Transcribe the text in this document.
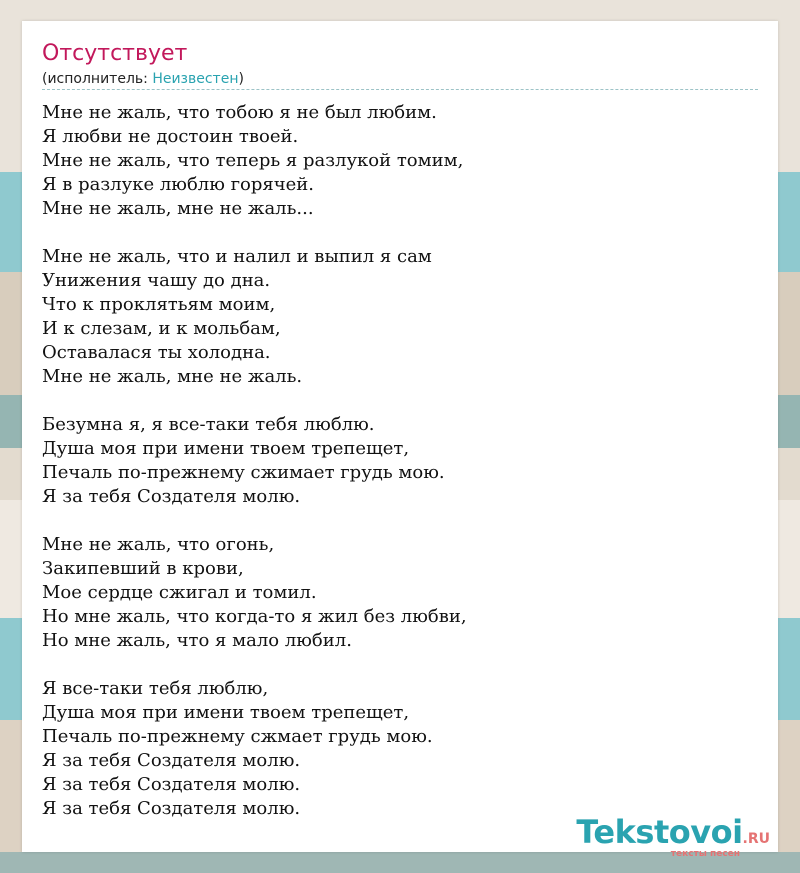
Отсутствует
(исполнитель: Неизвестен)
Мне не жаль, что тобою я не был любим.
Я любви не достоин твоей.
Мне не жаль, что теперь я разлукой томим,
Я в разлуке люблю горячей.
Мне не жаль, мне не жаль...
Мне не жаль, что и налил и выпил я сам
Унижения чашу до дна.
Что к проклятьям моим,
И к слезам, и к мольбам,
Оставалася ты холодна.
Мне не жаль, мне не жаль.
Безумна я, я все-таки тебя люблю.
Душа моя при имени твоем трепещет,
Печаль по-прежнему сжимает грудь мою.
Я за тебя Создателя молю.
Мне не жаль, что огонь,
Закипевший в крови,
Мое сердце сжигал и томил.
Но мне жаль, что когда-то я жил без любви,
Но мне жаль, что я мало любил.
Я все-таки тебя люблю,
Душа моя при имени твоем трепещет,
Печаль по-прежнему сжмает грудь мою.
Я за тебя Создателя молю.
Я за тебя Создателя молю.
Я за тебя Создателя молю.
Tekstovoi.RU
тексты песен
